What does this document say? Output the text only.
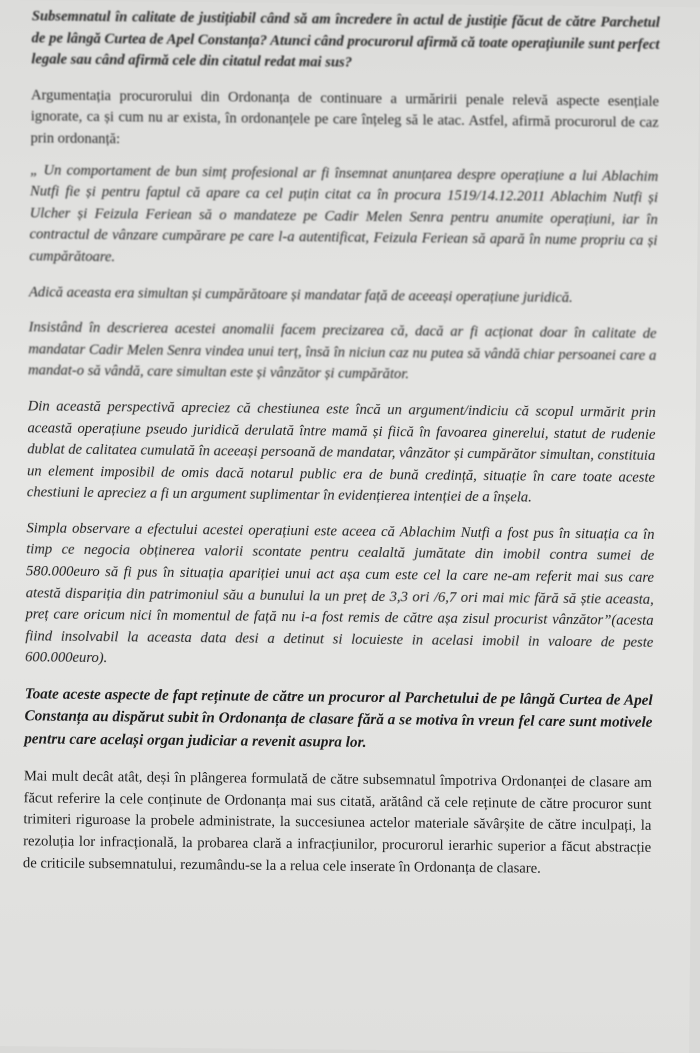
Subsemnatul în calitate de justițiabil când să am încredere în actul de justiție făcut de către Parchetul de pe lângă Curtea de Apel Constanța? Atunci când procurorul afirmă că toate operațiunile sunt perfect legale sau când afirmă cele din citatul redat mai sus?

Argumentația procurorului din Ordonanța de continuare a urmăririi penale relevă aspecte esențiale ignorate, ca și cum nu ar exista, în ordonanțele pe care înțeleg să le atac. Astfel, afirmă procurorul de caz prin ordonanță:

„ Un comportament de bun simț profesional ar fi însemnat anunțarea despre operațiune a lui Ablachim Nutfi fie și pentru faptul că apare ca cel puțin citat ca în procura 1519/14.12.2011 Ablachim Nutfi și Ulcher și Feizula Feriean să o mandateze pe Cadir Melen Senra pentru anumite operațiuni, iar în contractul de vânzare cumpărare pe care l-a autentificat, Feizula Feriean să apară în nume propriu ca și cumpărătoare.

Adică aceasta era simultan și cumpărătoare și mandatar față de aceeași operațiune juridică.

Insistând în descrierea acestei anomalii facem precizarea că, dacă ar fi acționat doar în calitate de mandatar Cadir Melen Senra vindea unui terț, însă în niciun caz nu putea să vândă chiar persoanei care a mandat-o să vândă, care simultan este și vânzător și cumpărător.

Din această perspectivă apreciez că chestiunea este încă un argument/indiciu că scopul urmărit prin această operațiune pseudo juridică derulată între mamă și fiică în favoarea ginerelui, statut de rudenie dublat de calitatea cumulată în aceeași persoană de mandatar, vânzător și cumpărător simultan, constituia un element imposibil de omis dacă notarul public era de bună credință, situație în care toate aceste chestiuni le apreciez a fi un argument suplimentar în evidențierea intenției de a înșela.

Simpla observare a efectului acestei operațiuni este aceea că Ablachim Nutfi a fost pus în situația ca în timp ce negocia obținerea valorii scontate pentru cealaltă jumătate din imobil contra sumei de 580.000euro să fi pus în situația apariției unui act așa cum este cel la care ne-am referit mai sus care atestă dispariția din patrimoniul său a bunului la un preț de 3,3 ori /6,7 ori mai mic fără să știe aceasta, preț care oricum nici în momentul de față nu i-a fost remis de către așa zisul procurist vânzător”(acesta fiind insolvabil la aceasta data desi a detinut si locuieste in acelasi imobil in valoare de peste 600.000euro).

Toate aceste aspecte de fapt reținute de către un procuror al Parchetului de pe lângă Curtea de Apel Constanța au dispărut subit în Ordonanța de clasare fără a se motiva în vreun fel care sunt motivele pentru care același organ judiciar a revenit asupra lor.

Mai mult decât atât, deși în plângerea formulată de către subsemnatul împotriva Ordonanței de clasare am făcut referire la cele conținute de Ordonanța mai sus citată, arătând că cele reținute de către procuror sunt trimiteri riguroase la probele administrate, la succesiunea actelor materiale săvârșite de către inculpați, la rezoluția lor infracțională, la probarea clară a infracțiunilor, procurorul ierarhic superior a făcut abstracție de criticile subsemnatului, rezumându-se la a relua cele inserate în Ordonanța de clasare.
